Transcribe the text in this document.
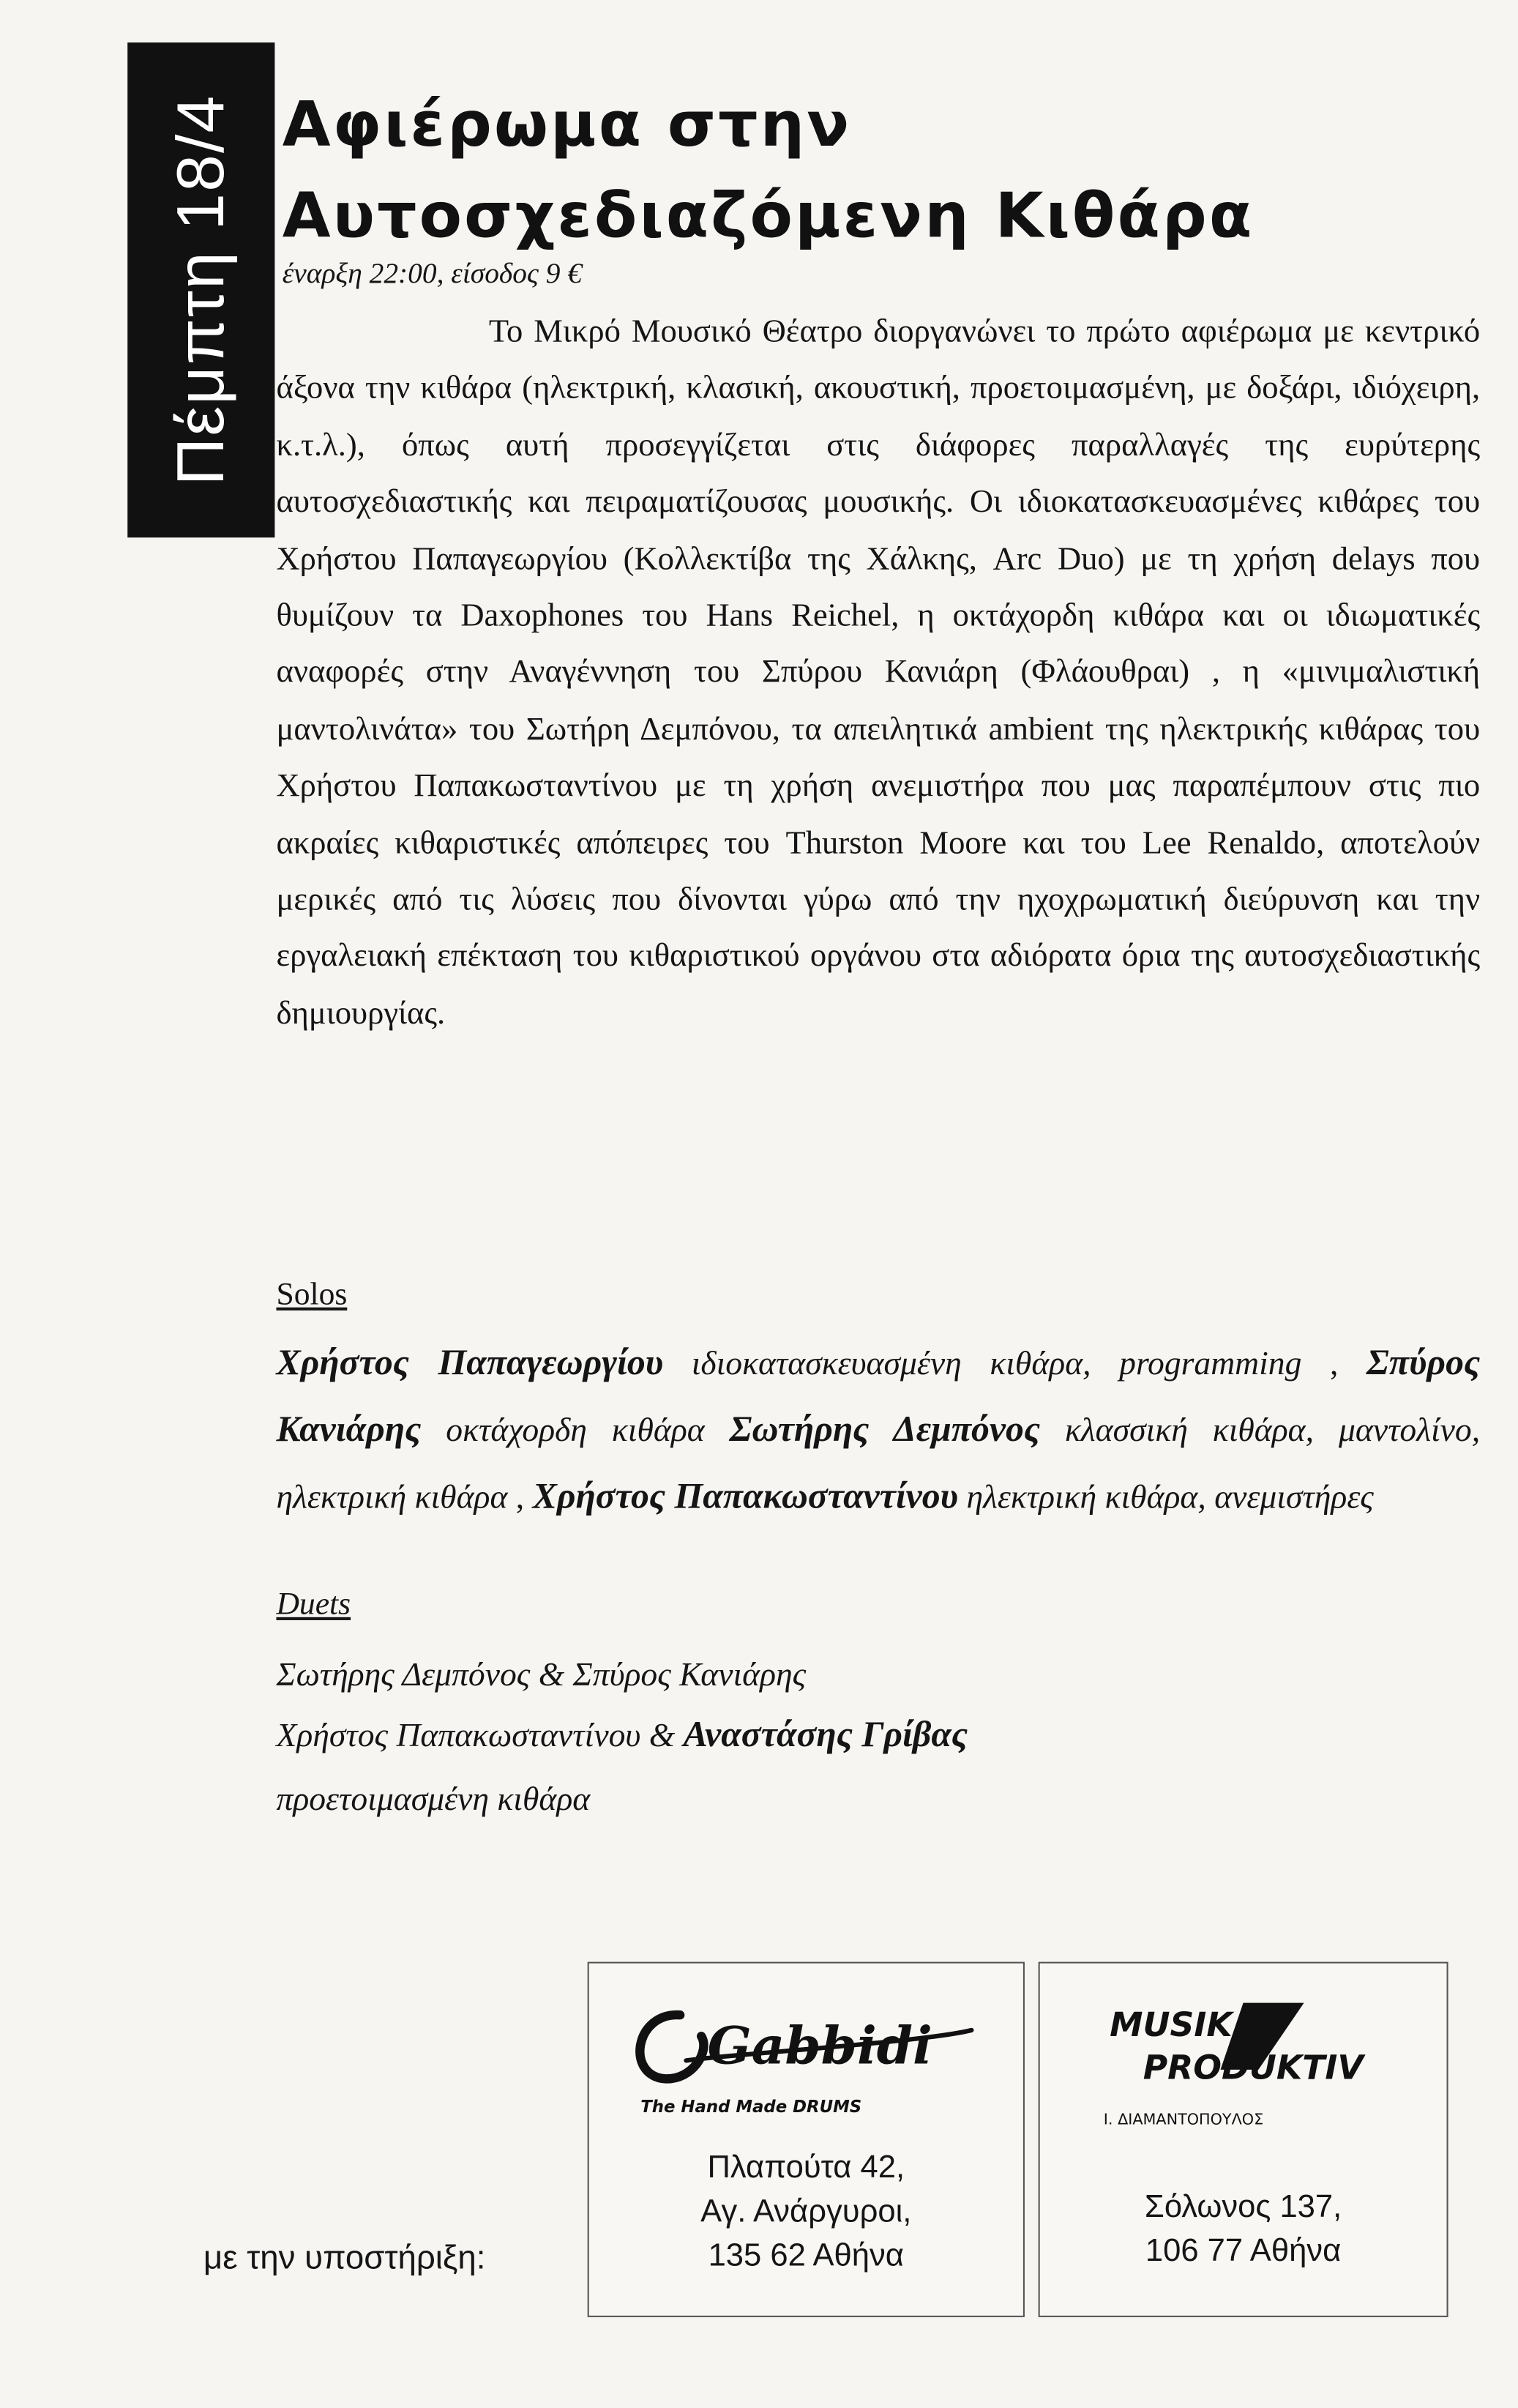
Πέμπτη 18/4 Αφιέρωμα στην
Αυτοσχεδιαζόμενη Κιθάρα

έναρξη 22:00, είσοδος 9 €

Το Μικρό Μουσικό Θέατρο διοργανώνει το πρώτο αφιέρωμα με κεντρικό άξονα την κιθάρα (ηλεκτρική, κλασική, ακουστική, προετοιμασμένη, με δοξάρι, ιδιόχειρη, κ.τ.λ.), όπως αυτή προσεγγίζεται στις διάφορες παραλλαγές της ευρύτερης αυτοσχεδιαστικής και πειραματίζουσας μουσικής. Οι ιδιοκατασκευασμένες κιθάρες του Χρήστου Παπαγεωργίου (Κολλεκτίβα της Χάλκης, Arc Duo) με τη χρήση delays που θυμίζουν τα Daxophones του Hans Reichel, η οκτάχορδη κιθάρα και οι ιδιωματικές αναφορές στην Αναγέννηση του Σπύρου Κανιάρη (Φλάουθραι) , η «μινιμαλιστική μαντολινάτα» του Σωτήρη Δεμπόνου, τα απειλητικά ambient της ηλεκτρικής κιθάρας του Χρήστου Παπακωσταντίνου με τη χρήση ανεμιστήρα που μας παραπέμπουν στις πιο ακραίες κιθαριστικές απόπειρες του Thurston Moore και του Lee Renaldo, αποτελούν μερικές από τις λύσεις που δίνονται γύρω από την ηχοχρωματική διεύρυνση και την εργαλειακή επέκταση του κιθαριστικού οργάνου στα αδιόρατα όρια της αυτοσχεδιαστικής δημιουργίας.

Solos

Χρήστος Παπαγεωργίου ιδιοκατασκευασμένη κιθάρα, programming , Σπύρος Κανιάρης οκτάχορδη κιθάρα Σωτήρης Δεμπόνος κλασσική κιθάρα, μαντολίνο, ηλεκτρική κιθάρα , Χρήστος Παπακωσταντίνου ηλεκτρική κιθάρα, ανεμιστήρες

Duets

Σωτήρης Δεμπόνος & Σπύρος Κανιάρης

Χρήστος Παπακωσταντίνου & Αναστάσης Γρίβας

προετοιμασμένη κιθάρα

με την υποστήριξη:

Gabbidi
The Hand Made DRUMS
Πλαπούτα 42,
Αγ. Ανάργυροι,
135 62 Αθήνα
MUSIK
PRODUKTIV
Ι. ΔΙΑΜΑΝΤΟΠΟΥΛΟΣ
Σόλωνος 137,
106 77 Αθήνα
